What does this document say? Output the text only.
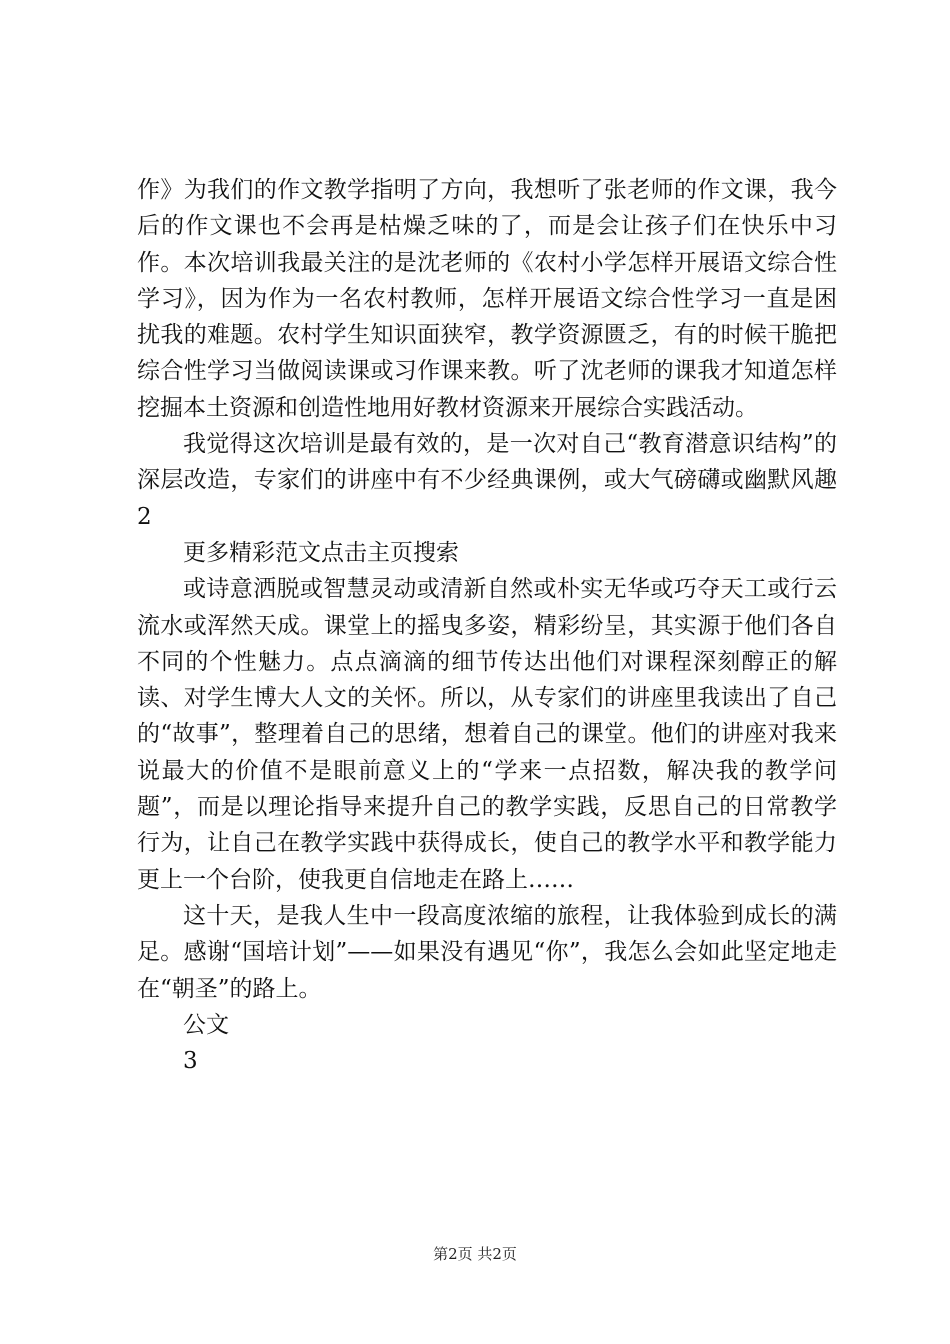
作》为我们的作文教学指明了方向，我想听了张老师的作文课，我今后的作文课也不会再是枯燥乏味的了，而是会让孩子们在快乐中习作。本次培训我最关注的是沈老师的《农村小学怎样开展语文综合性学习》，因为作为一名农村教师，怎样开展语文综合性学习一直是困扰我的难题。农村学生知识面狭窄，教学资源匮乏，有的时候干脆把综合性学习当做阅读课或习作课来教。听了沈老师的课我才知道怎样挖掘本土资源和创造性地用好教材资源来开展综合实践活动。

我觉得这次培训是最有效的，是一次对自己“教育潜意识结构”的深层改造，专家们的讲座中有不少经典课例，或大气磅礴或幽默风趣2

更多精彩范文点击主页搜索

或诗意洒脱或智慧灵动或清新自然或朴实无华或巧夺天工或行云流水或浑然天成。课堂上的摇曳多姿，精彩纷呈，其实源于他们各自不同的个性魅力。点点滴滴的细节传达出他们对课程深刻醇正的解读、对学生博大人文的关怀。所以，从专家们的讲座里我读出了自己的“故事”，整理着自己的思绪，想着自己的课堂。他们的讲座对我来说最大的价值不是眼前意义上的“学来一点招数，解决我的教学问题”，而是以理论指导来提升自己的教学实践，反思自己的日常教学行为，让自己在教学实践中获得成长，使自己的教学水平和教学能力更上一个台阶，使我更自信地走在路上……

这十天，是我人生中一段高度浓缩的旅程，让我体验到成长的满足。感谢“国培计划”——如果没有遇见“你”，我怎么会如此坚定地走在“朝圣”的路上。

公文

3

第2页 共2页
